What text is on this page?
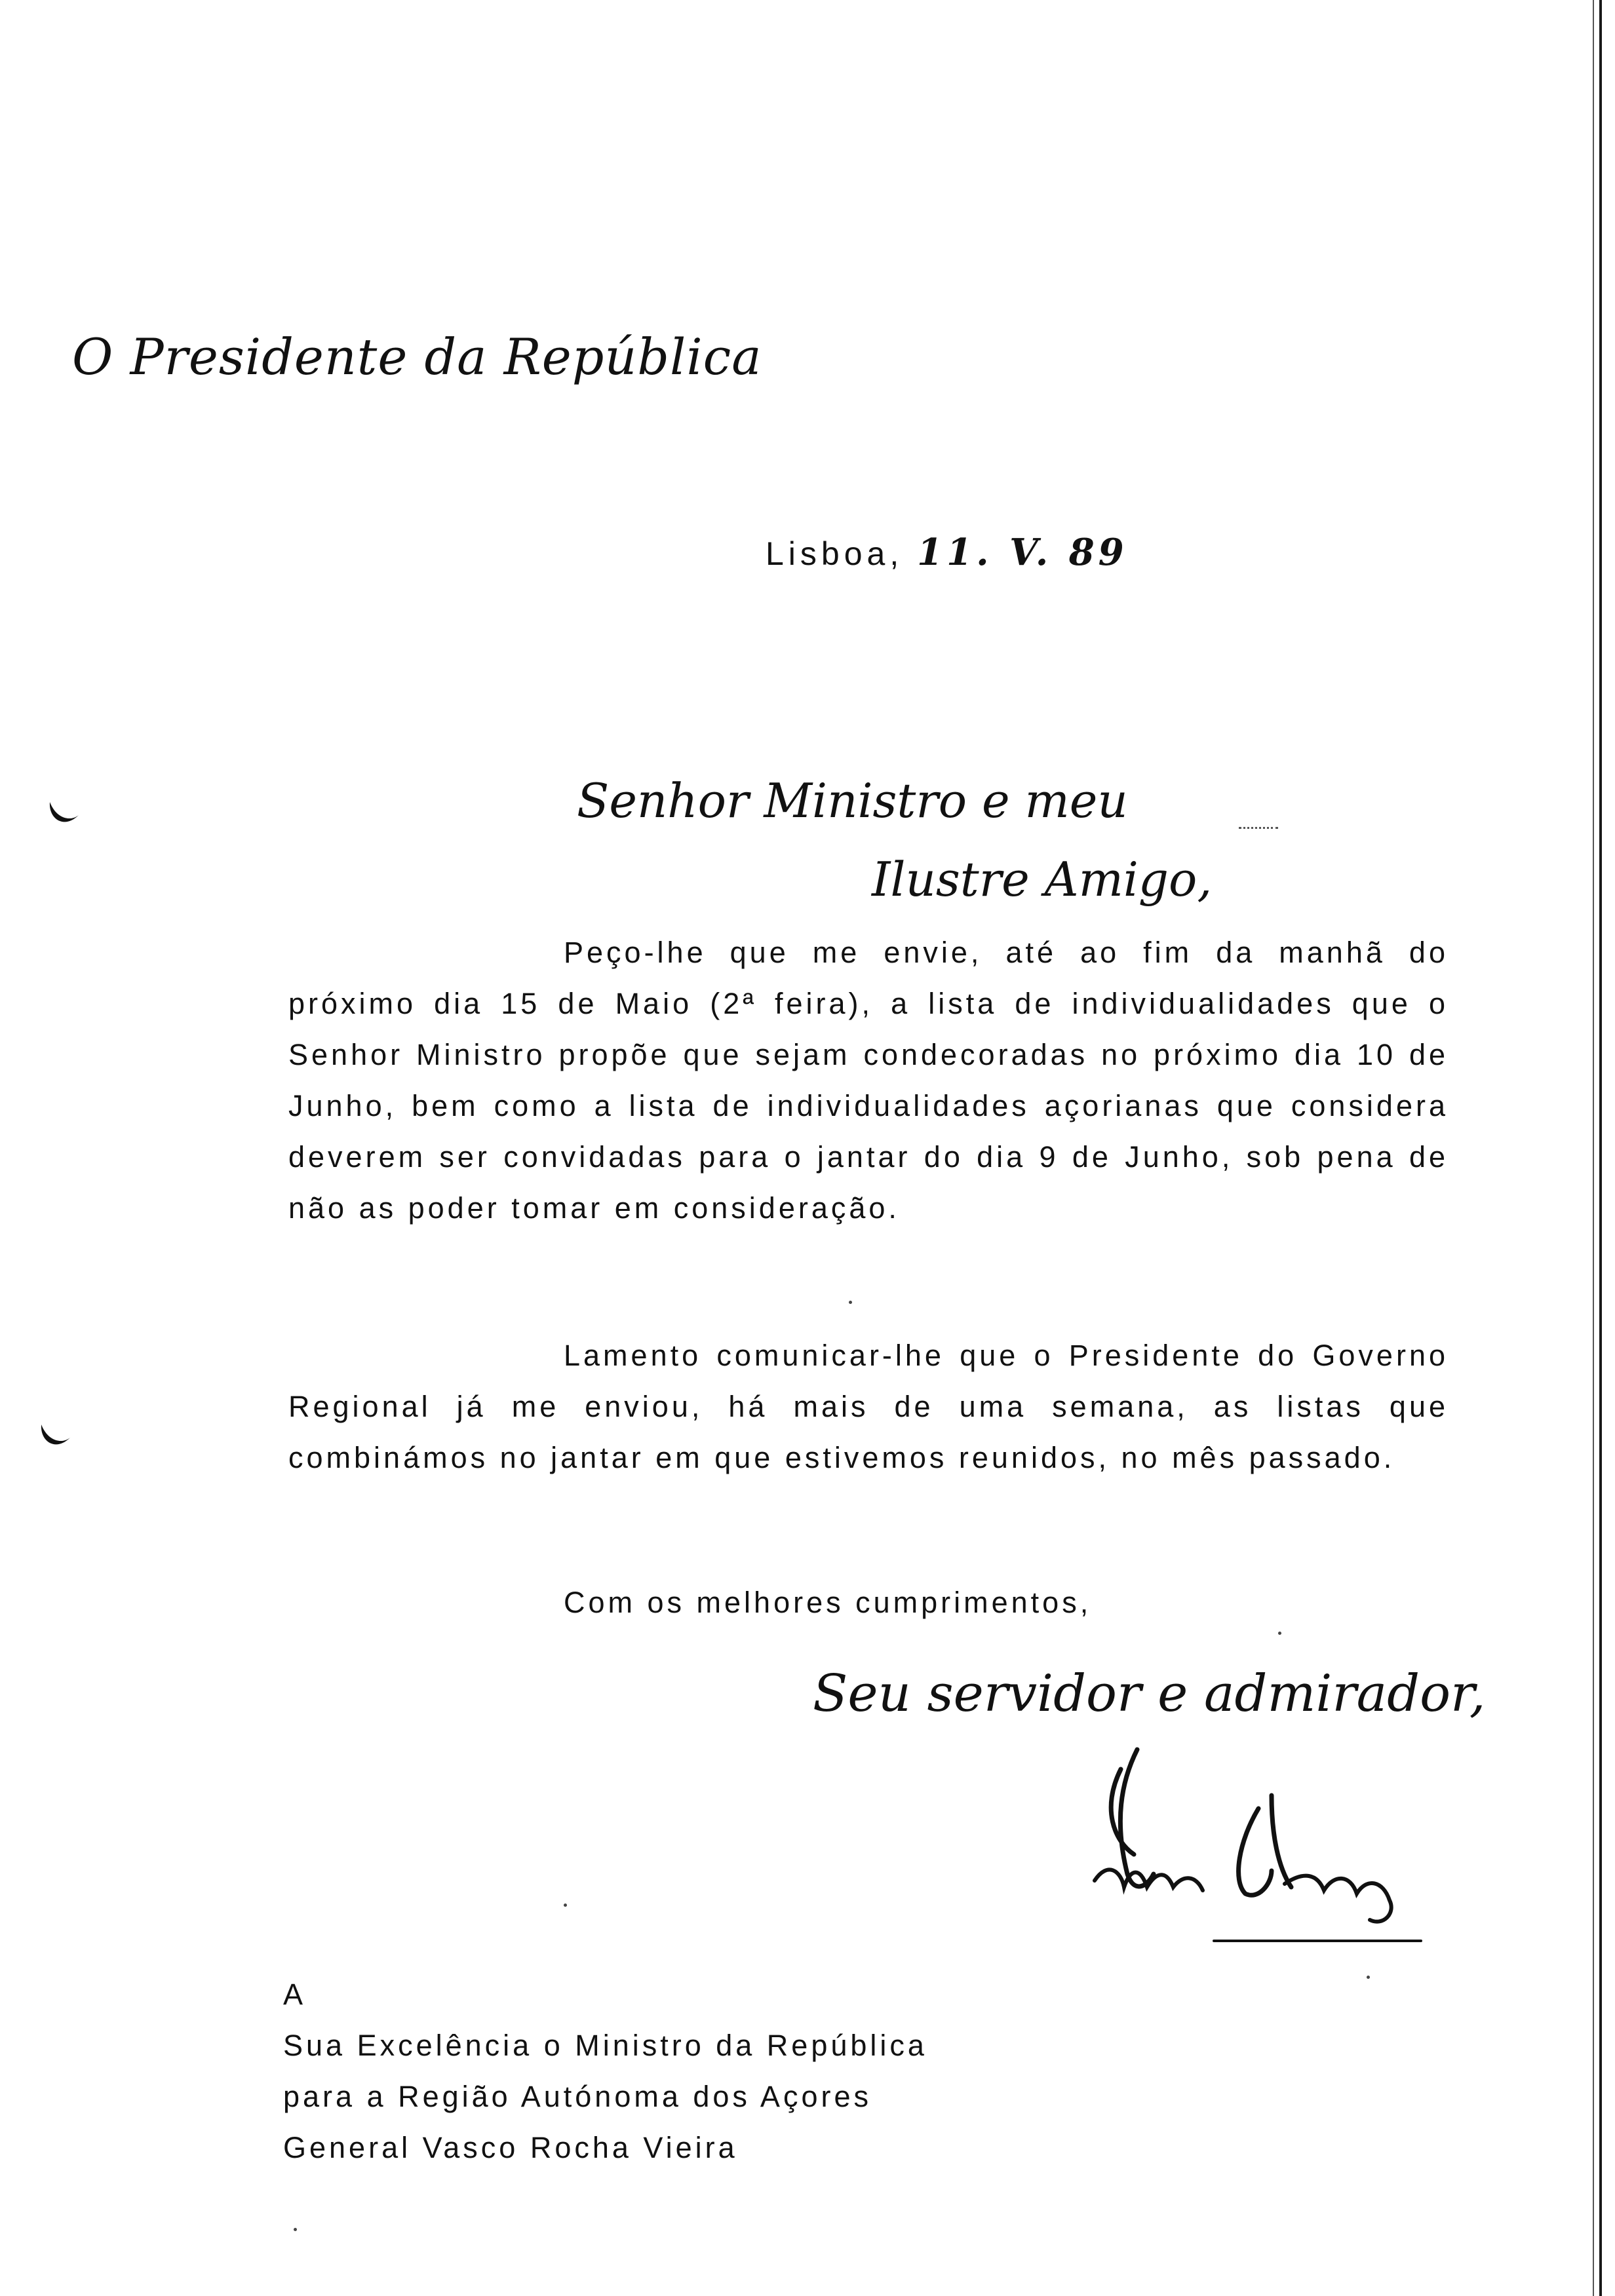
O Presidente da República
Lisboa, 11. V. 89
Senhor Ministro e meu
Ilustre Amigo,
Peço-lhe que me envie, até ao fim da manhã do próximo dia 15 de Maio (2ª feira), a lista de individualidades que o Senhor Ministro propõe que sejam condecoradas no próximo dia 10 de Junho, bem como a lista de individualidades açorianas que considera deverem ser convidadas para o jantar do dia 9 de Junho, sob pena de não as poder tomar em consideração.
Lamento comunicar-lhe que o Presidente do Governo Regional já me enviou, há mais de uma semana, as listas que combinámos no jantar em que estivemos reunidos, no mês passado.
Com os melhores cumprimentos,
Seu servidor e admirador,
A
Sua Excelência o Ministro da República
para a Região Autónoma dos Açores
General Vasco Rocha Vieira
